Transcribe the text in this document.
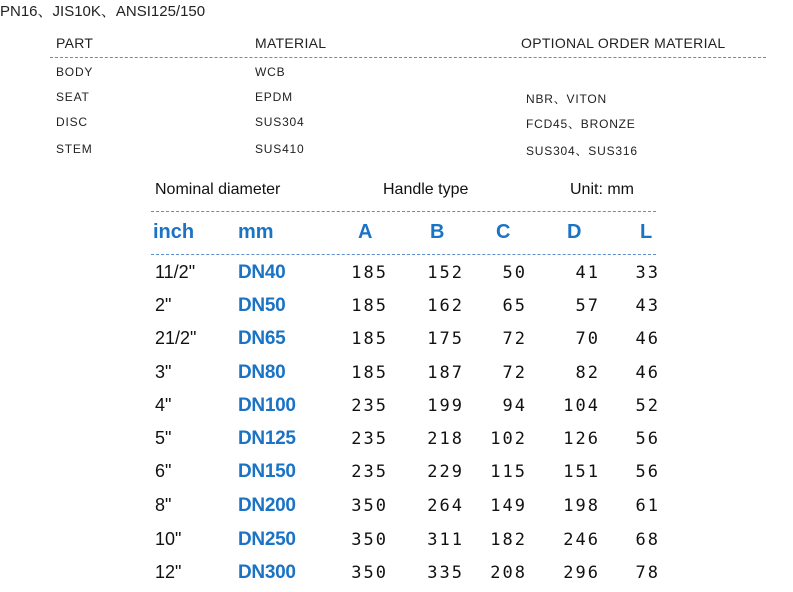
PN16、JIS10K、ANSI125/150
PART	MATERIAL	OPTIONAL ORDER MATERIAL
BODY	WCB
SEAT	EPDM	NBR、VITON
DISC	SUS304	FCD45、BRONZE
STEM	SUS410	SUS304、SUS316
Nominal diameter	Handle type	Unit: mm
inch mm	A	B	C	D	L
11/2" DN40	185	152	50	41	33
2"	DN50	185	162	65	57	43
21/2" DN65	185	175	72	70	46
3"	DN80	185	187	72	82	46
4"	DN100	235	199	94	104	52
5"	DN125	235	218	102	126	56
6"	DN150	235	229	115	151	56
8"	DN200	350	264	149	198	61
10"	DN250	350	311	182	246	68
12"	DN300	350	335	208	296	78
